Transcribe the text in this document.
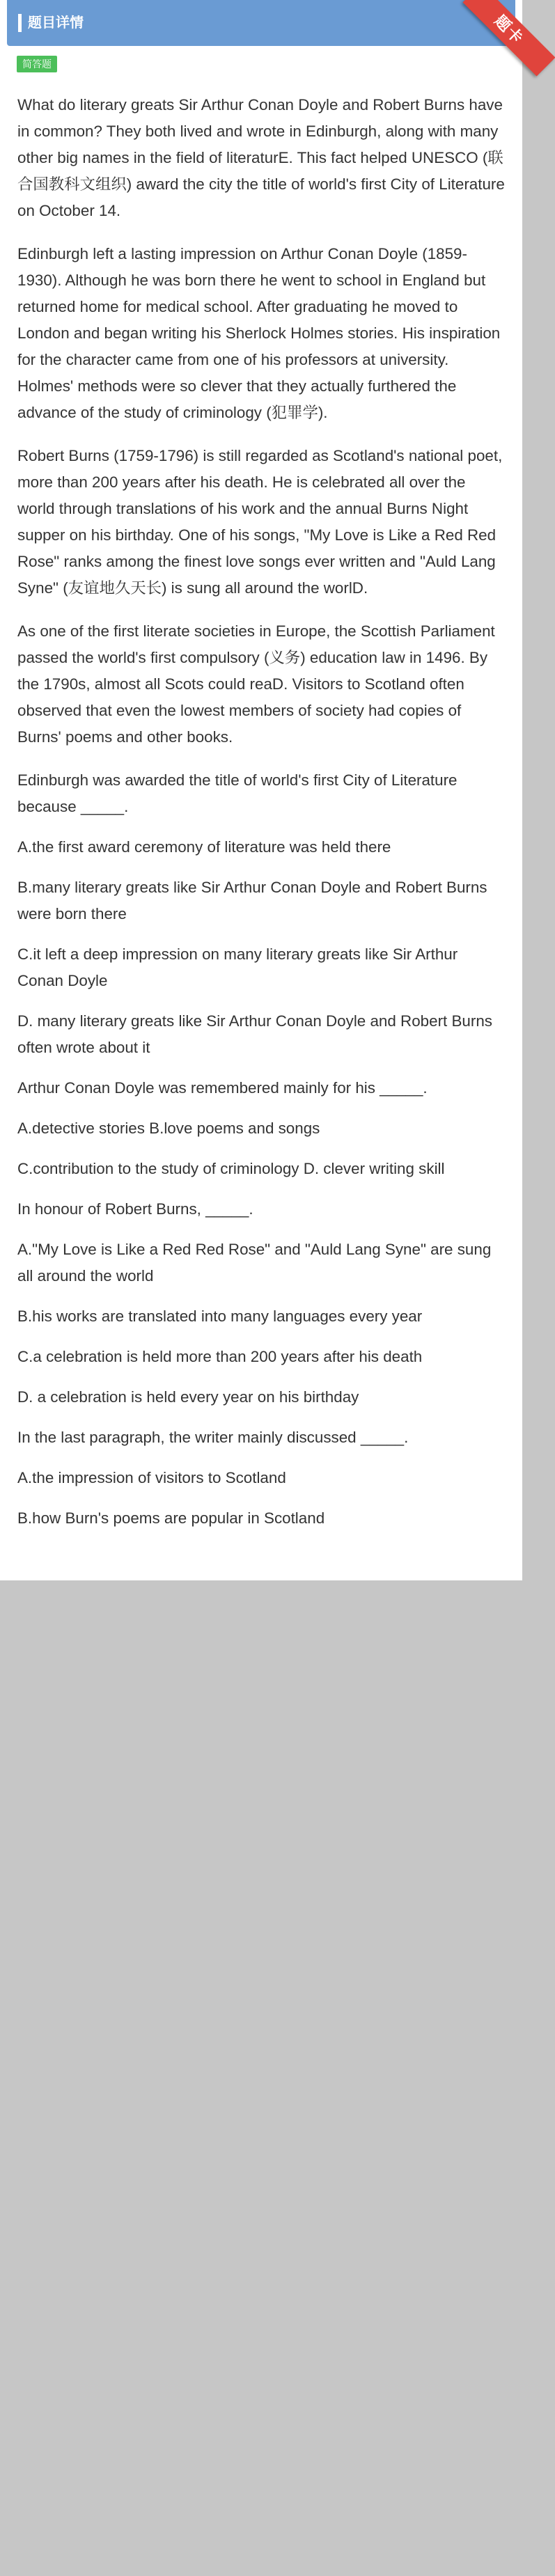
题目详情	题卡
简答题

What do literary greats Sir Arthur Conan Doyle and Robert Burns have in common? They both lived and wrote in Edinburgh, along with many other big names in the field of literaturE. This fact helped UNESCO (联合国教科文组织) award the city the title of world's first City of Literature on October 14.

Edinburgh left a lasting impression on Arthur Conan Doyle (1859-1930). Although he was born there he went to school in England but returned home for medical school. After graduating he moved to London and began writing his Sherlock Holmes stories. His inspiration for the character came from one of his professors at university. Holmes' methods were so clever that they actually furthered the advance of the study of criminology (犯罪学).

Robert Burns (1759-1796) is still regarded as Scotland's national poet, more than 200 years after his death. He is celebrated all over the world through translations of his work and the annual Burns Night supper on his birthday. One of his songs, "My Love is Like a Red Red Rose" ranks among the finest love songs ever written and "Auld Lang Syne" (友谊地久天长) is sung all around the worlD.

As one of the first literate societies in Europe, the Scottish Parliament passed the world's first compulsory (义务) education law in 1496. By the 1790s, almost all Scots could reaD. Visitors to Scotland often observed that even the lowest members of society had copies of Burns' poems and other books.

Edinburgh was awarded the title of world's first City of Literature because _____.

A.the first award ceremony of literature was held there

B.many literary greats like Sir Arthur Conan Doyle and Robert Burns were born there

C.it left a deep impression on many literary greats like Sir Arthur Conan Doyle

D. many literary greats like Sir Arthur Conan Doyle and Robert Burns often wrote about it

Arthur Conan Doyle was remembered mainly for his _____.

A.detective stories B.love poems and songs

C.contribution to the study of criminology D. clever writing skill

In honour of Robert Burns, _____.

A."My Love is Like a Red Red Rose" and "Auld Lang Syne" are sung all around the world

B.his works are translated into many languages every year

C.a celebration is held more than 200 years after his death

D. a celebration is held every year on his birthday

In the last paragraph, the writer mainly discussed _____.

A.the impression of visitors to Scotland

B.how Burn's poems are popular in Scotland
